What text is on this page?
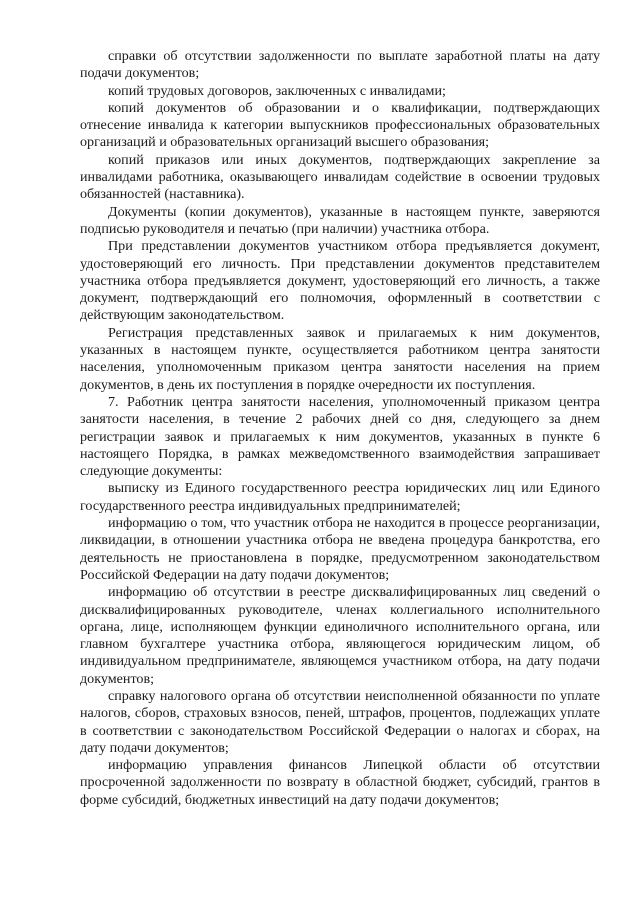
справки об отсутствии задолженности по выплате заработной платы на дату подачи документов;

копий трудовых договоров, заключенных с инвалидами;

копий документов об образовании и о квалификации, подтверждающих отнесение инвалида к категории выпускников профессиональных образовательных организаций и образовательных организаций высшего образования;

копий приказов или иных документов, подтверждающих закрепление за инвалидами работника, оказывающего инвалидам содействие в освоении трудовых обязанностей (наставника).

Документы (копии документов), указанные в настоящем пункте, заверяются подписью руководителя и печатью (при наличии) участника отбора.

При представлении документов участником отбора предъявляется документ, удостоверяющий его личность. При представлении документов представителем участника отбора предъявляется документ, удостоверяющий его личность, а также документ, подтверждающий его полномочия, оформленный в соответствии с действующим законодательством.

Регистрация представленных заявок и прилагаемых к ним документов, указанных в настоящем пункте, осуществляется работником центра занятости населения, уполномоченным приказом центра занятости населения на прием документов, в день их поступления в порядке очередности их поступления.

7. Работник центра занятости населения, уполномоченный приказом центра занятости населения, в течение 2 рабочих дней со дня, следующего за днем регистрации заявок и прилагаемых к ним документов, указанных в пункте 6 настоящего Порядка, в рамках межведомственного взаимодействия запрашивает следующие документы:

выписку из Единого государственного реестра юридических лиц или Единого государственного реестра индивидуальных предпринимателей;

информацию о том, что участник отбора не находится в процессе реорганизации, ликвидации, в отношении участника отбора не введена процедура банкротства, его деятельность не приостановлена в порядке, предусмотренном законодательством Российской Федерации на дату подачи документов;

информацию об отсутствии в реестре дисквалифицированных лиц сведений о дисквалифицированных руководителе, членах коллегиального исполнительного органа, лице, исполняющем функции единоличного исполнительного органа, или главном бухгалтере участника отбора, являющегося юридическим лицом, об индивидуальном предпринимателе, являющемся участником отбора, на дату подачи документов;

справку налогового органа об отсутствии неисполненной обязанности по уплате налогов, сборов, страховых взносов, пеней, штрафов, процентов, подлежащих уплате в соответствии с законодательством Российской Федерации о налогах и сборах, на дату подачи документов;

информацию управления финансов Липецкой области об отсутствии просроченной задолженности по возврату в областной бюджет, субсидий, грантов в форме субсидий, бюджетных инвестиций на дату подачи документов;
